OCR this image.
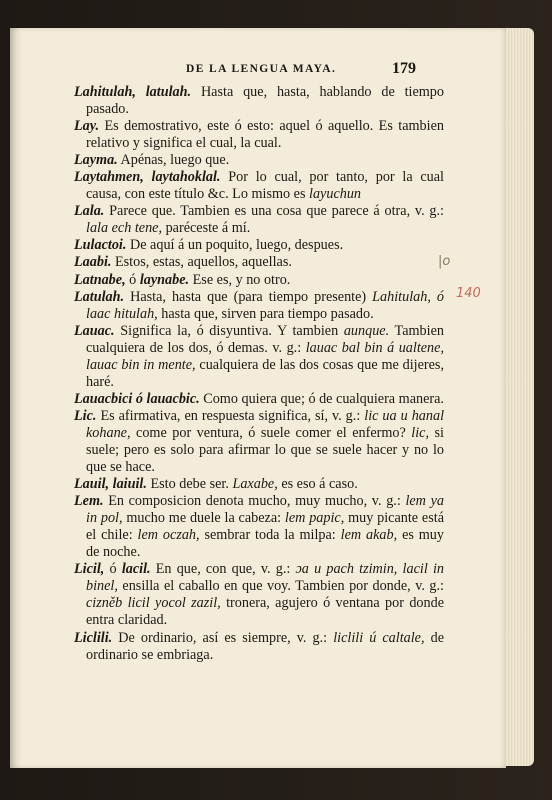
DE LA LENGUA MAYA.	179
|o
140

Lahitulah, latulah. Hasta que, hasta, hablando de tiempo pasado.

Lay. Es demostrativo, este ó esto: aquel ó aquello. Es tambien relativo y significa el cual, la cual.

Layma. Apénas, luego que.

Laytahmen, laytahoklal. Por lo cual, por tanto, por la cual causa, con este título &c. Lo mismo es layuchun

Lala. Parece que. Tambien es una cosa que parece á otra, v. g.: lala ech tene, paréceste á mí.

Lulactoi. De aquí á un poquito, luego, despues.

Laabi. Estos, estas, aquellos, aquellas.

Latnabe, ó laynabe. Ese es, y no otro.

Latulah. Hasta, hasta que (para tiempo presente) Lahitulah, ó laac hitulah, hasta que, sirven para tiempo pasado.

Lauac. Significa la, ó disyuntiva. Y tambien aunque. Tambien cualquiera de los dos, ó demas. v. g.: lauac bal bin á ualtene, lauac bin in mente, cualquiera de las dos cosas que me dijeres, haré.

Lauacbici ó lauacbic. Como quiera que; ó de cualquiera manera.

Lic. Es afirmativa, en respuesta significa, sí, v. g.: lic ua u hanal kohane, come por ventura, ó suele comer el enfermo? lic, si suele; pero es solo para afirmar lo que se suele hacer y no lo que se hace.

Lauil, laiuil. Esto debe ser. Laxabe, es eso á caso.

Lem. En composicion denota mucho, muy mucho, v. g.: lem ya in pol, mucho me duele la cabeza: lem papic, muy picante está el chile: lem oczah, sembrar toda la milpa: lem akab, es muy de noche.

Licil, ó lacil. En que, con que, v. g.: ɔa u pach tzimin, lacil in binel, ensilla el caballo en que voy. Tambien por donde, v. g.: cizněb licil yocol zazil, tronera, agujero ó ventana por donde entra claridad.

Liclili. De ordinario, así es siempre, v. g.: liclili ú caltale, de ordinario se embriaga.
